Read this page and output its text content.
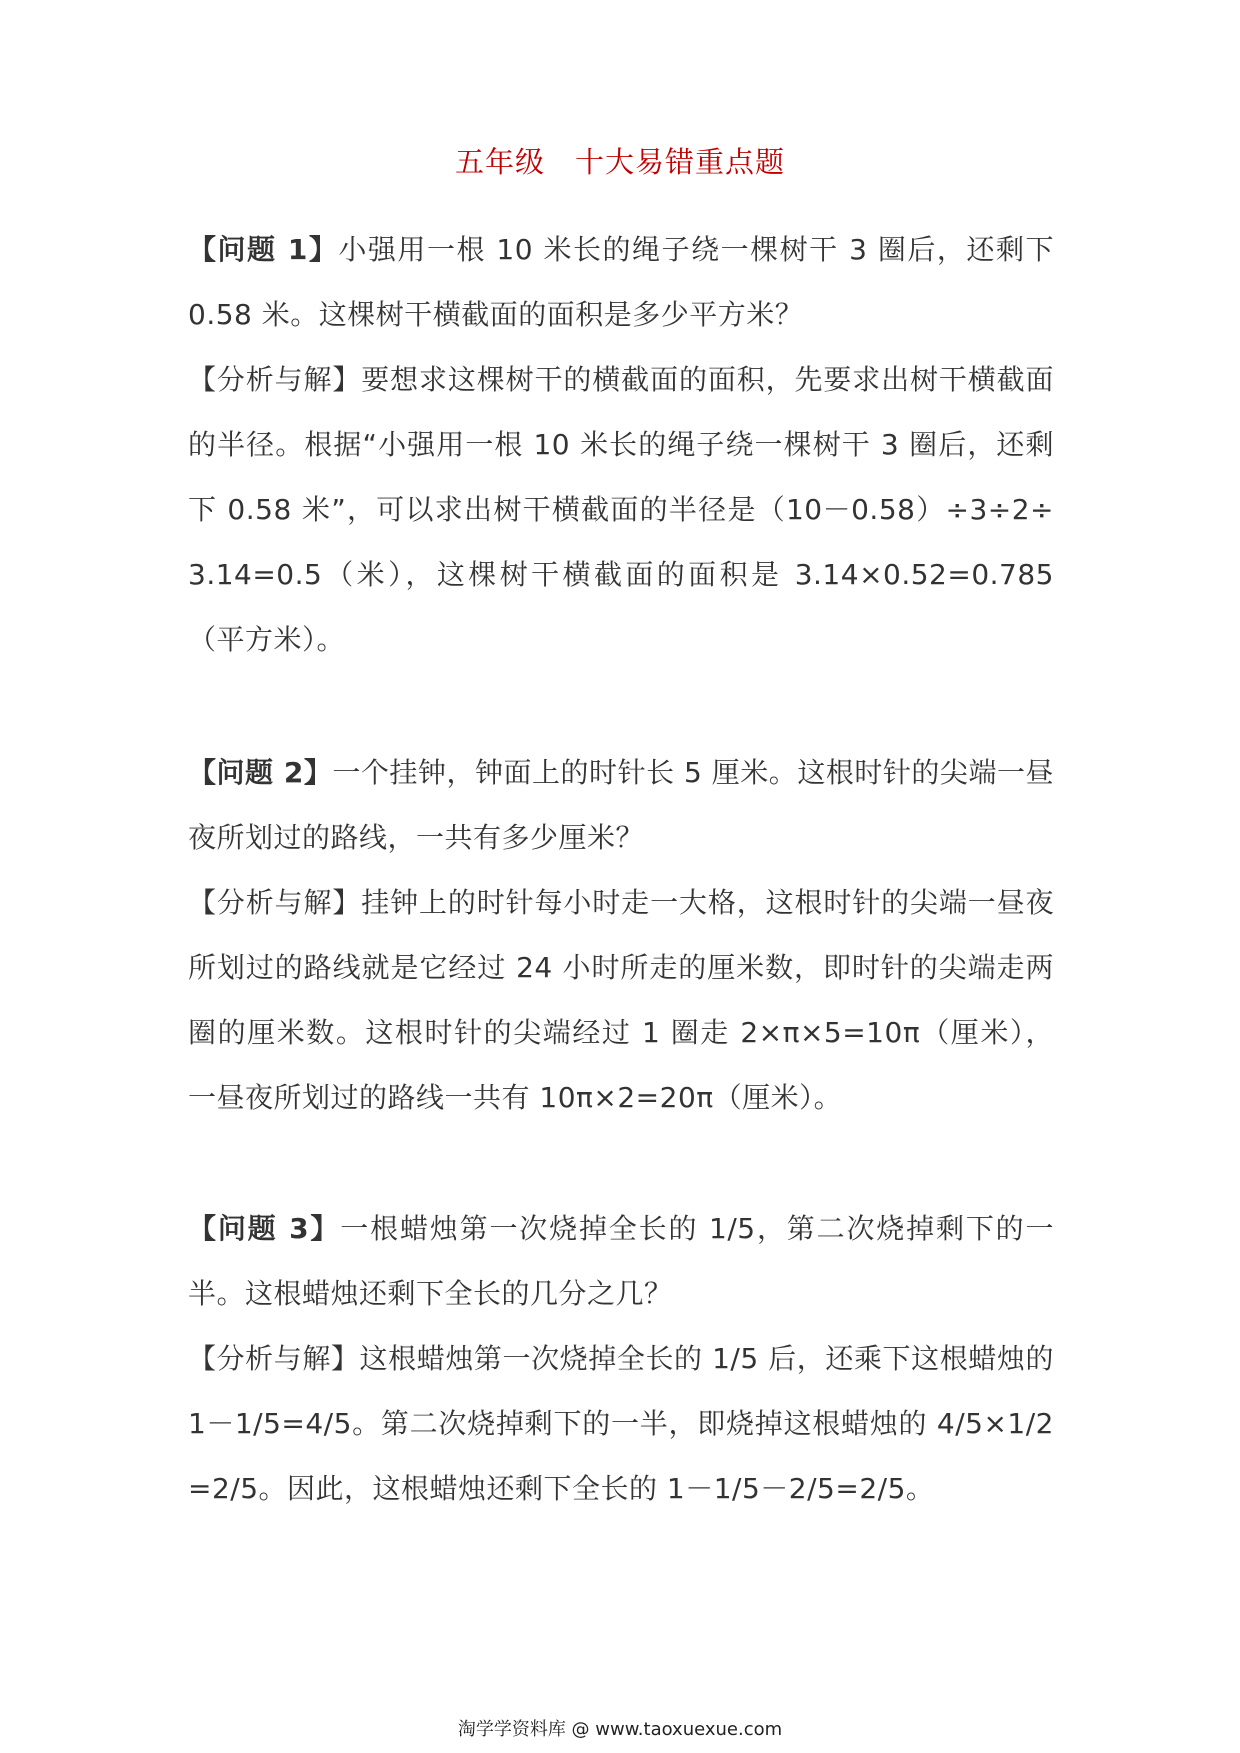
五年级　十大易错重点题
【问题 1】小强用一根 10 米长的绳子绕一棵树干 3 圈后，还剩下 0.58 米。这棵树干横截面的面积是多少平方米？
【分析与解】要想求这棵树干的横截面的面积，先要求出树干横截面的半径。根据“小强用一根 10 米长的绳子绕一棵树干 3 圈后，还剩下 0.58 米”，可以求出树干横截面的半径是（10－0.58）÷3÷2÷3.14=0.5（米），这棵树干横截面的面积是 3.14×0.52=0.785（平方米）。
【问题 2】一个挂钟，钟面上的时针长 5 厘米。这根时针的尖端一昼夜所划过的路线，一共有多少厘米？
【分析与解】挂钟上的时针每小时走一大格，这根时针的尖端一昼夜所划过的路线就是它经过 24 小时所走的厘米数，即时针的尖端走两圈的厘米数。这根时针的尖端经过 1 圈走 2×π×5=10π（厘米），一昼夜所划过的路线一共有 10π×2=20π（厘米）。
【问题 3】一根蜡烛第一次烧掉全长的 1/5，第二次烧掉剩下的一半。这根蜡烛还剩下全长的几分之几？
【分析与解】这根蜡烛第一次烧掉全长的 1/5 后，还乘下这根蜡烛的 1－1/5=4/5。第二次烧掉剩下的一半，即烧掉这根蜡烛的 4/5×1/2=2/5。因此，这根蜡烛还剩下全长的 1－1/5－2/5=2/5。
淘学学资料库 @ www.taoxuexue.com
